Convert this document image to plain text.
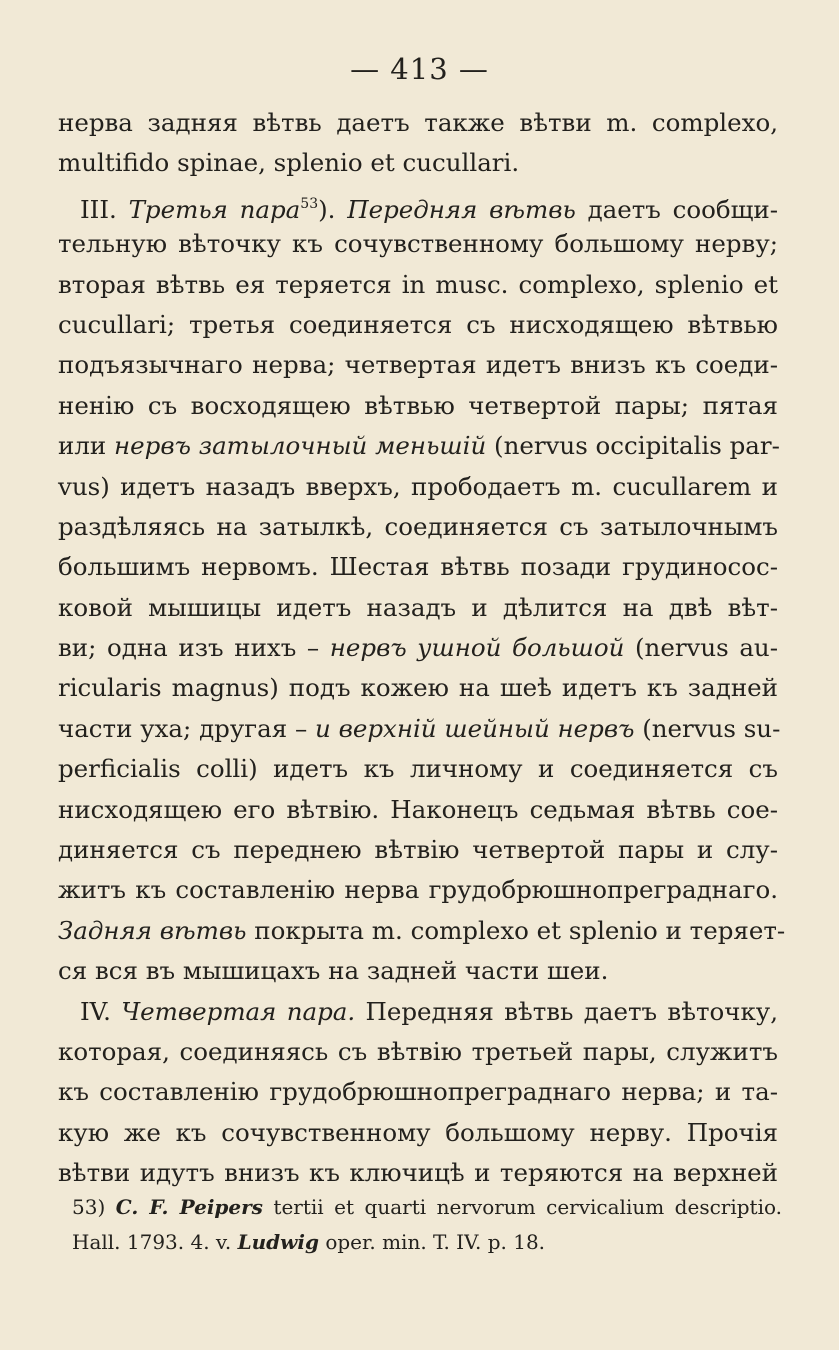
— 413 —
нерва задняя вѣтвь даетъ также вѣтви m. complexo,
multifido spinae, splenio et cucullari.
III. Третья пара$^{53}$). Передняя вѣтвь даетъ сообщи-
тельную вѣточку къ сочувственному большому нерву;
вторая вѣтвь ея теряется in musc. complexo, splenio et
cucullari; третья соединяется съ нисходящею вѣтвью
подъязычнаго нерва; четвертая идетъ внизъ къ соеди-
ненію съ восходящею вѣтвью четвертой пары; пятая
или нервъ затылочный меньшій (nervus occipitalis par-
vus) идетъ назадъ вверхъ, прободаетъ m. cucullarem и
раздѣляясь на затылкѣ, соединяется съ затылочнымъ
большимъ нервомъ. Шестая вѣтвь позади грудиносос-
ковой мышицы идетъ назадъ и дѣлится на двѣ вѣт-
ви; одна изъ нихъ – нервъ ушной большой (nervus au-
ricularis magnus) подъ кожею на шеѣ идетъ къ задней
части уха; другая – и верхній шейный нервъ (nervus su-
perficialis colli) идетъ къ личному и соединяется съ
нисходящею его вѣтвію. Наконецъ седьмая вѣтвь сое-
диняется съ переднею вѣтвію четвертой пары и слу-
житъ къ составленію нерва грудобрюшнопреграднаго.
Задняя вѣтвь покрыта m. complexo et splenio и теряет-
ся вся въ мышицахъ на задней части шеи.
IV. Четвертая пара. Передняя вѣтвь даетъ вѣточку,
которая, соединяясь съ вѣтвію третьей пары, служитъ
къ составленію грудобрюшнопреграднаго нерва; и та-
кую же къ сочувственному большому нерву. Прочія
вѣтви идутъ внизъ къ ключицѣ и теряются на верхней
53) C. F. Peipers tertii et quarti nervorum cervicalium descriptio.
Hall. 1793. 4. v. Ludwig oper. min. T. IV. p. 18.
